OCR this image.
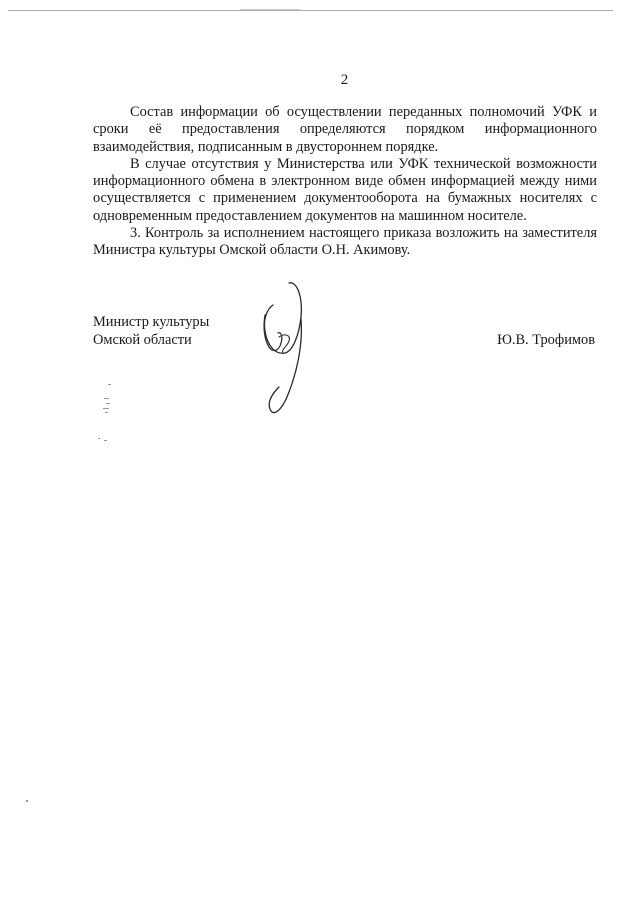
2

Состав информации об осуществлении переданных полномочий УФК и сроки её предоставления определяются порядком информационного взаимодействия, подписанным в двустороннем порядке.

В случае отсутствия у Министерства или УФК технической возможности информационного обмена в электронном виде обмен информацией между ними осуществляется с применением документооборота на бумажных носителях с одновременным предоставлением документов на машинном носителе.

3. Контроль за исполнением настоящего приказа возложить на заместителя Министра культуры Омской области О.Н. Акимову.

Министр культуры
Омской области	Ю.В. Трофимов
